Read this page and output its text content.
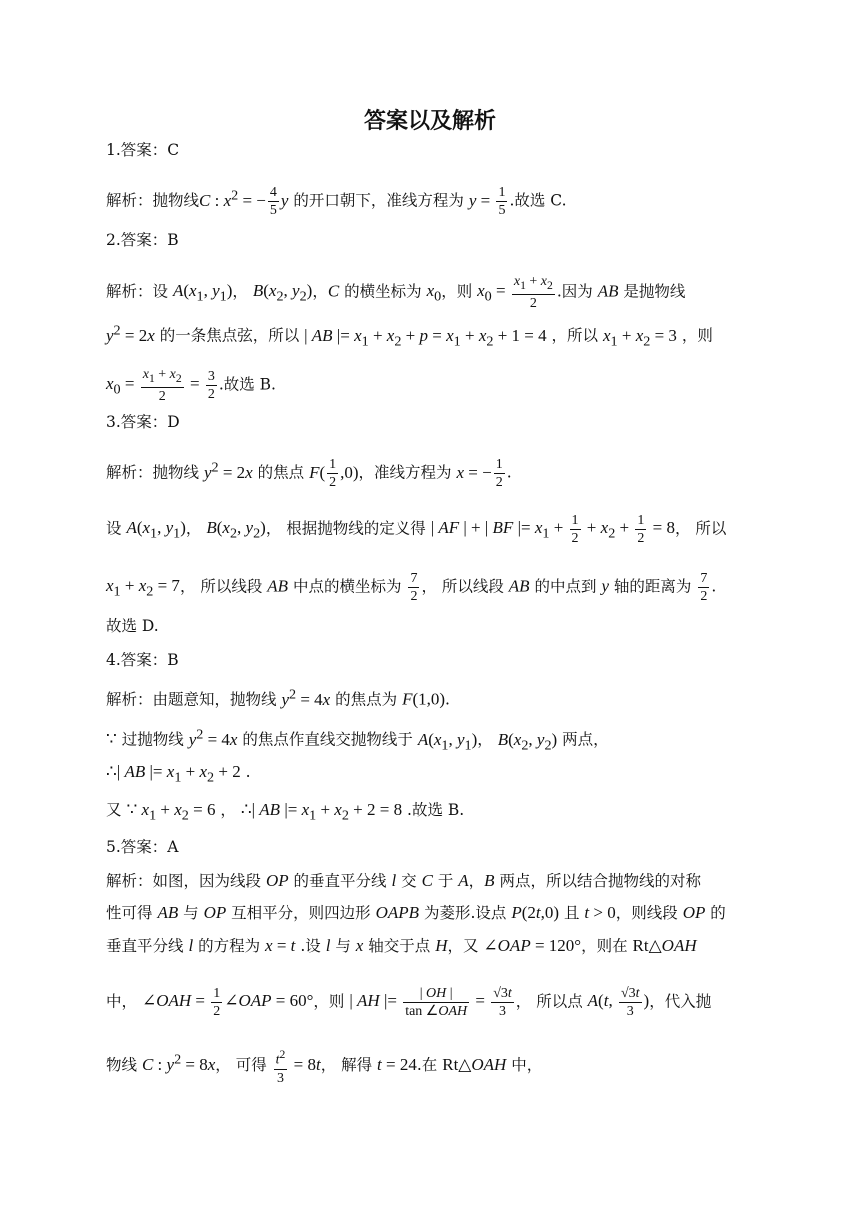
答案以及解析
1.答案：C
解析：抛物线C : $x^2$ = − $\frac{4}{5}$ y 的开口朝下，准线方程为 $y = \frac{1}{5}$ .故选 C.
2.答案：B
解析：设 $A(x_1$, $y_1$)， $B(x_2$, $y_2$)，C 的横坐标为 $x_0$，则 $x_0 = \frac{x_1 + x_2}{2}$ .因为 AB 是抛物线
$y^2 = 2x$ 的一条焦点弦，所以 | AB |= $x_1 + x_2 + p = x_1 + x_2 + 1 = 4$ ，所以 $x_1 + x_2 = 3$ ，则
$x_0 = \frac{x_1 + x_2}{2} = \frac{3}{2}$ .故选 B.
3.答案：D
解析：抛物线 $y^2 = 2x$ 的焦点 $F( \frac{1}{2} ,0)$，准线方程为 x = − $\frac{1}{2}$ .
设 $A(x_1$, $y_1$)， $B(x_2$, $y_2$)， 根据抛物线的定义得 | AF | + | BF |= $x_1 + \frac{1}{2} + x_2 + \frac{1}{2} = 8$， 所以
$x_1 + x_2 = 7$， 所以线段 AB 中点的横坐标为 $\frac{7}{2}$ ， 所以线段 AB 的中点到 y 轴的距离为 $\frac{7}{2}$ .
故选 D.
4.答案：B
解析：由题意知，抛物线 $y^2 = 4x$ 的焦点为 F(1,0).
∵ 过抛物线 $y^2 = 4x$ 的焦点作直线交抛物线于 $A(x_1$, $y_1$)， $B(x_2$, $y_2$) 两点，
∴| AB |= $x_1 + x_2 + 2$ .
又 ∵ $x_1 + x_2 = 6$ ， ∴| AB |= $x_1 + x_2 + 2 = 8$ .故选 B.
5.答案：A
解析：如图，因为线段 OP 的垂直平分线 l 交 C 于 A，B 两点，所以结合抛物线的对称
性可得 AB 与 OP 互相平分，则四边形 OAPB 为菱形.设点 P(2t,0) 且 t > 0，则线段 OP 的
垂直平分线 l 的方程为 x = t .设 l 与 x 轴交于点 H，又 ∠OAP = 120°，则在 Rt△OAH
中， ∠OAH = $\frac{1}{2}$ ∠OAP = 60°，则 | AH |= $\frac{| OH |}{\text{tan ∠OAH}} = \frac{√3t}{3}$ ， 所以点 A(t, $\frac{√3t}{3}$ )，代入抛
物线 C : $y^2 = 8x$， 可得 $\frac{t^2}{3} = 8t$， 解得 t = 24.在 Rt△OAH 中，
